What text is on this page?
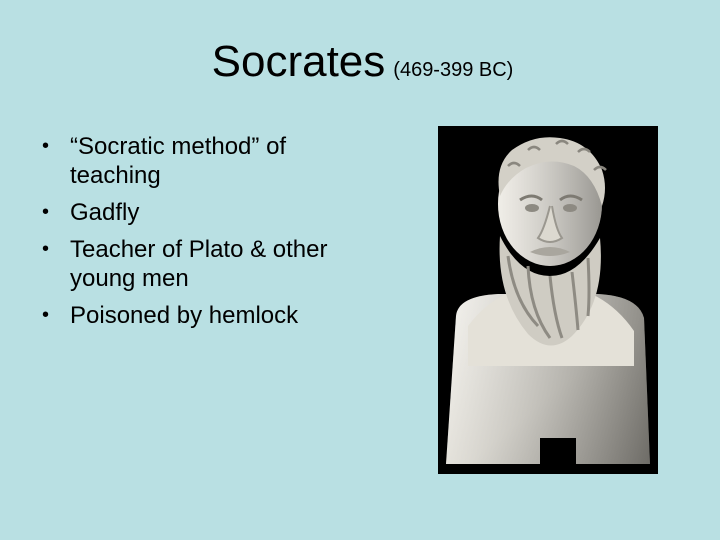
Socrates (469-399 BC)
• “Socratic method” of teaching
• Gadfly
• Teacher of Plato & other young men
• Poisoned by hemlock
